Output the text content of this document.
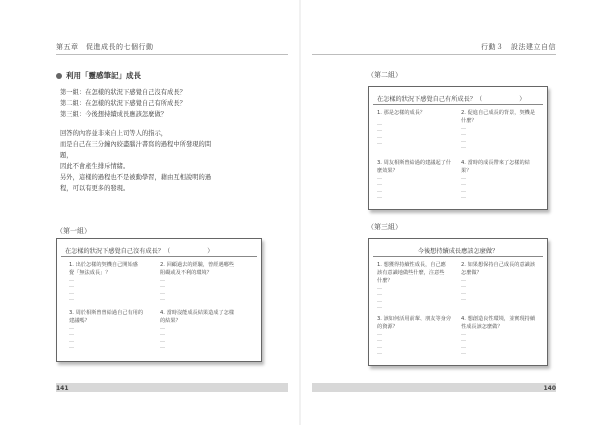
第五章　促進成長的七個行動
利用「靈感筆記」成長
第一組：在怎樣的狀況下感覺自己沒有成長？
第二組：在怎樣的狀況下感覺自己有所成長？
第三組：今後想持續成長應該怎麼做？
回答的內容並非來自上司等人的指示，
而是自己在三分鐘內絞盡腦汁書寫的過程中所發現的問
題，
因此不會產生排斥情緒。
另外，這樣的過程也不是被動學習，藉由互相說明的過
程，可以有更多的發現。
（第一組）
在怎樣的狀況下感覺自己沒有成長？（　　　　　　）
1. 出於怎樣的契機自己開始感
覺「無法成長」？
―
―
―
―
2. 回顧過去的經驗，曾經遇哪些
阻礙或及不利的環境？
―
―
―
―
3. 周於相斯曾曾給過自己有用的
建議嗎？
―
―
―
―
4. 當時沒能成長結果造成了怎樣
的結果？
―
―
―
―
141
行動３　設法建立自信
（第二組）
在怎樣的狀況下感覺自己有所成長？（　　　　　　）
1. 那是怎樣的成長？
―
―
―
―
2. 促進自己成長的背景，契機是
什麼？
―
―
―
―
3. 周友相斯曾給過的建議起了什
麼效果？
―
―
―
―
4. 當時的成長帶來了怎樣的結
果？
―
―
―
―
（第三組）
今後想持續成長應該怎麼做？
1. 想獲得持續性成長，自己應
該有意識地做些什麼，注意些
什麼？
―
―
―
―
2. 如果想保持自己成長的意識該
怎麼做？
―
―
―
―
3. 該如何活用前輩、朋友等身旁
的資源？
―
―
―
―
4. 想創造良性環境，並實現持續
性成長該怎麼做？
―
―
―
―
140
